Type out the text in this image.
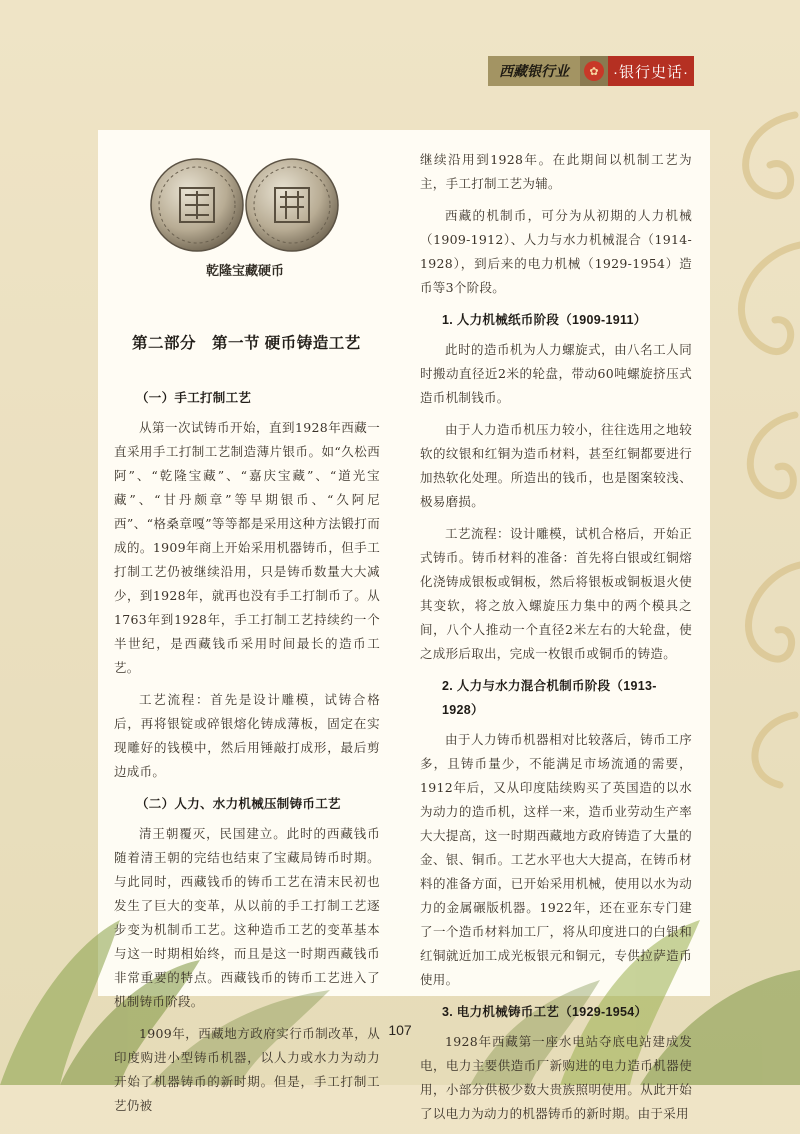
西藏银行业	✿ ·银行史话·
乾隆宝藏硬币
第二部分　第一节 硬币铸造工艺
（一）手工打制工艺

从第一次试铸币开始，直到1928年西藏一直采用手工打制工艺制造薄片银币。如“久松西阿”、“乾隆宝藏”、“嘉庆宝藏”、“道光宝藏”、“甘丹颇章”等早期银币、“久阿尼西”、“格桑章嘎”等等都是采用这种方法锻打而成的。1909年商上开始采用机器铸币，但手工打制工艺仍被继续沿用，只是铸币数量大大减少，到1928年，就再也没有手工打制币了。从1763年到1928年，手工打制工艺持续约一个半世纪，是西藏钱币采用时间最长的造币工艺。

工艺流程：首先是设计雕模，试铸合格后，再将银锭或碎银熔化铸成薄板，固定在实现雕好的钱模中，然后用锤敲打成形，最后剪边成币。

（二）人力、水力机械压制铸币工艺

清王朝覆灭，民国建立。此时的西藏钱币随着清王朝的完结也结束了宝藏局铸币时期。与此同时，西藏钱币的铸币工艺在清末民初也发生了巨大的变革，从以前的手工打制工艺逐步变为机制币工艺。这种造币工艺的变革基本与这一时期相始终，而且是这一时期西藏钱币非常重要的特点。西藏钱币的铸币工艺进入了机制铸币阶段。

1909年，西藏地方政府实行币制改革，从印度购进小型铸币机器，以人力或水力为动力开始了机器铸币的新时期。但是，手工打制工艺仍被

继续沿用到1928年。在此期间以机制工艺为主，手工打制工艺为辅。

西藏的机制币，可分为从初期的人力机械（1909-1912）、人力与水力机械混合（1914-1928），到后来的电力机械（1929-1954）造币等3个阶段。

1. 人力机械纸币阶段（1909-1911）

此时的造币机为人力螺旋式，由八名工人同时搬动直径近2米的轮盘，带动60吨螺旋挤压式造币机制钱币。

由于人力造币机压力较小，往往选用之地较软的纹银和红铜为造币材料，甚至红铜都要进行加热软化处理。所造出的钱币，也是图案较浅、极易磨损。

工艺流程：设计雕模，试机合格后，开始正式铸币。铸币材料的准备：首先将白银或红铜熔化浇铸成银板或铜板，然后将银板或铜板退火使其变软，将之放入螺旋压力集中的两个模具之间，八个人推动一个直径2米左右的大轮盘，使之成形后取出，完成一枚银币或铜币的铸造。

2. 人力与水力混合机制币阶段（1913-1928）

由于人力铸币机器相对比较落后，铸币工序多，且铸币量少，不能满足市场流通的需要，1912年后，又从印度陆续购买了英国造的以水为动力的造币机，这样一来，造币业劳动生产率大大提高，这一时期西藏地方政府铸造了大量的金、银、铜币。工艺水平也大大提高，在铸币材料的准备方面，已开始采用机械，使用以水为动力的金属碾版机器。1922年，还在亚东专门建了一个造币材料加工厂，将从印度进口的白银和红铜就近加工成光板银元和铜元，专供拉萨造币使用。

3. 电力机械铸币工艺（1929-1954）

1928年西藏第一座水电站夺底电站建成发电，电力主要供造币厂新购进的电力造币机器使用，小部分供极少数大贵族照明使用。从此开始了以电力为动力的机器铸币的新时期。由于采用

107
